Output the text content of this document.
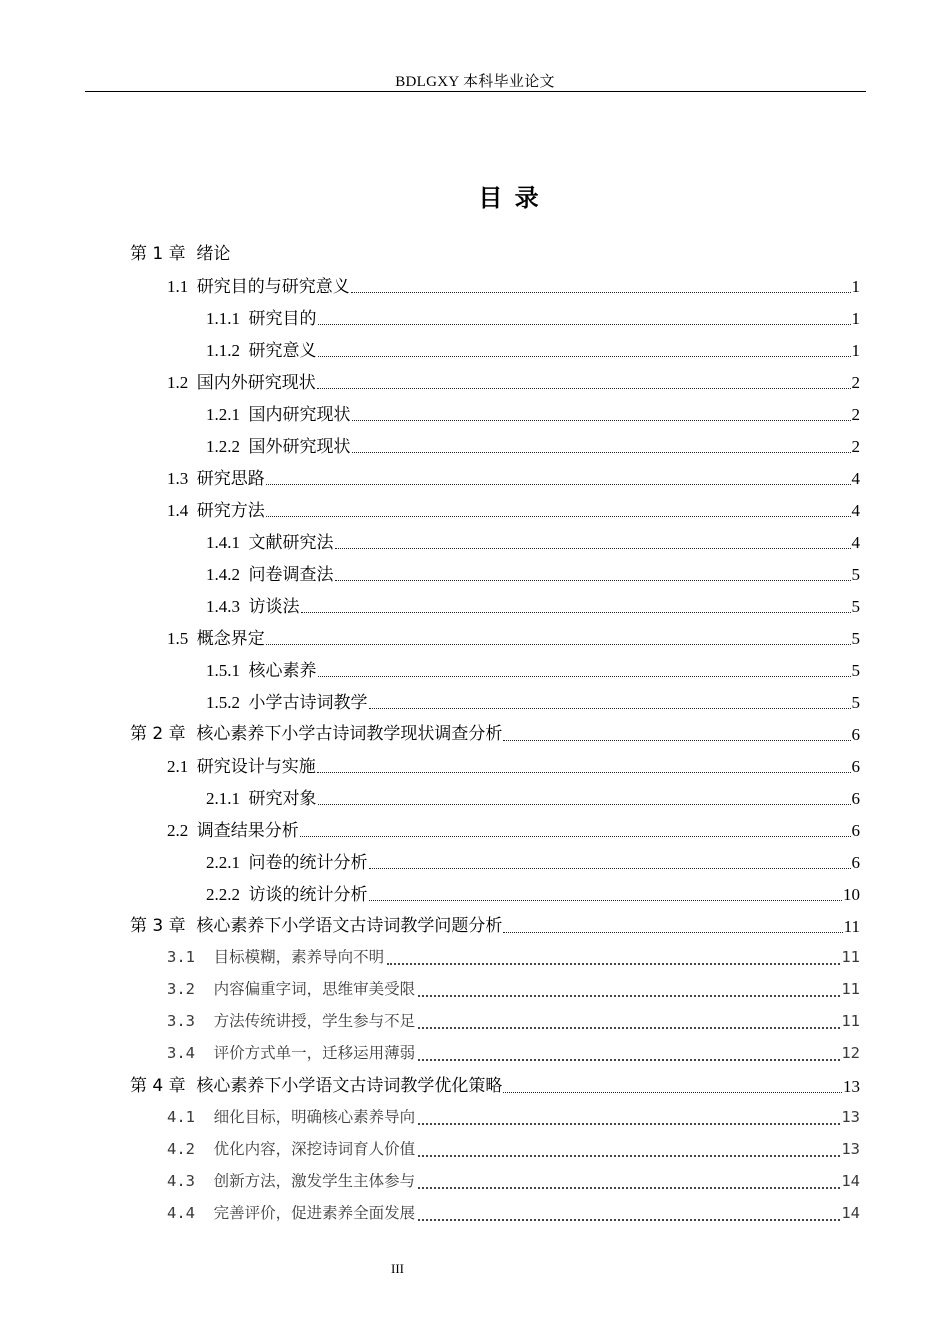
BDLGXY 本科毕业论文
目 录
第 1 章  绪论
1.1  研究目的与研究意义	1
1.1.1  研究目的	1
1.1.2  研究意义	1
1.2  国内外研究现状	2
1.2.1  国内研究现状	2
1.2.2  国外研究现状	2
1.3  研究思路	4
1.4  研究方法	4
1.4.1  文献研究法	4
1.4.2  问卷调查法	5
1.4.3  访谈法	5
1.5  概念界定	5
1.5.1  核心素养	5
1.5.2  小学古诗词教学	5
第 2 章  核心素养下小学古诗词教学现状调查分析	6
2.1  研究设计与实施	6
2.1.1  研究对象	6
2.2  调查结果分析	6
2.2.1  问卷的统计分析	6
2.2.2  访谈的统计分析	10
第 3 章  核心素养下小学语文古诗词教学问题分析	11
3.1  目标模糊，素养导向不明	11
3.2  内容偏重字词，思维审美受限	11
3.3  方法传统讲授，学生参与不足	11
3.4  评价方式单一，迁移运用薄弱	12
第 4 章  核心素养下小学语文古诗词教学优化策略	13
4.1  细化目标，明确核心素养导向	13
4.2  优化内容，深挖诗词育人价值	13
4.3  创新方法，激发学生主体参与	14
4.4  完善评价，促进素养全面发展	14
III
